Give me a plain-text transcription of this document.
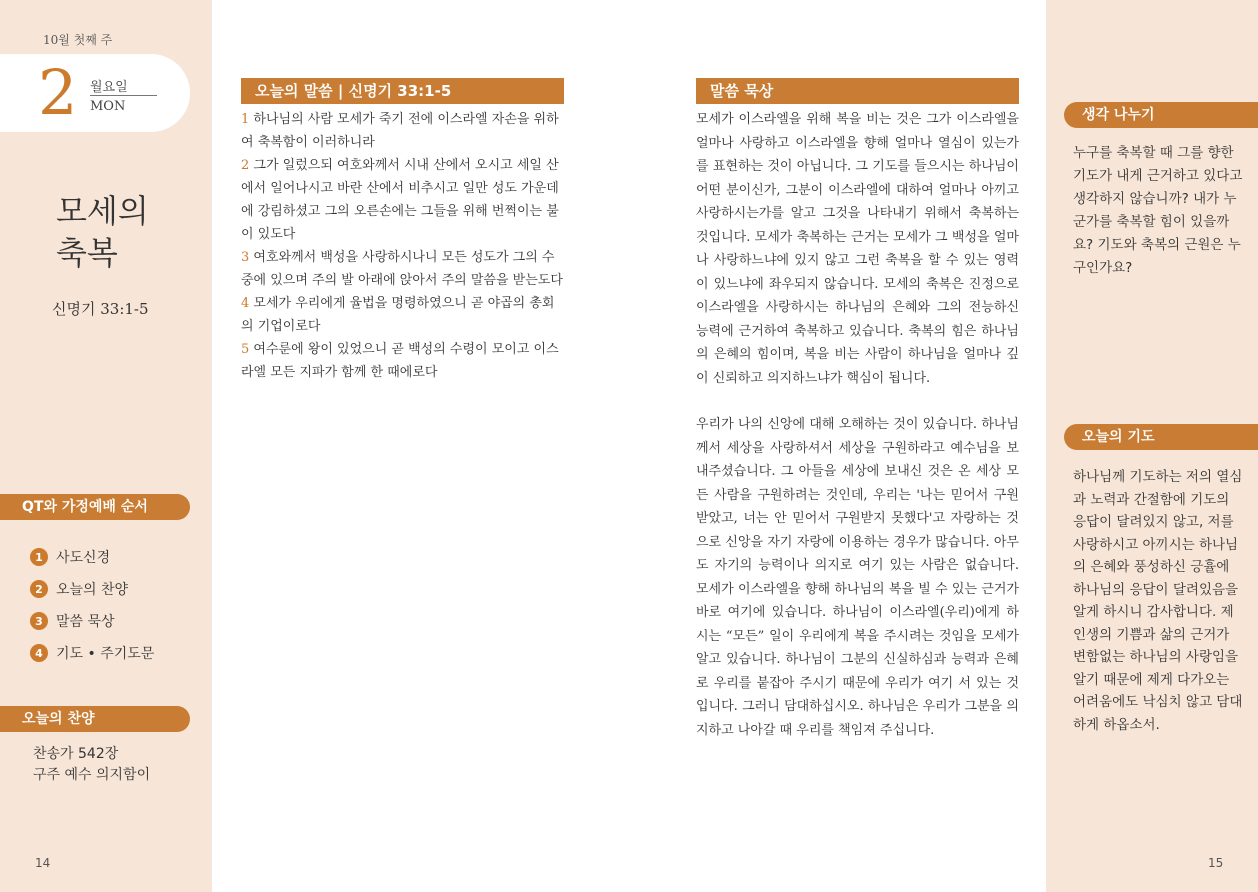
10월 첫째 주
2 월요일
MON
모세의
축복
신명기 33:1-5
QT와 가정예배 순서
1 사도신경
2 오늘의 찬양
3 말씀 묵상
4 기도 • 주기도문
오늘의 찬양
찬송가 542장
구주 예수 의지함이
14
오늘의 말씀 | 신명기 33:1-5
1 하나님의 사람 모세가 죽기 전에 이스라엘 자손을 위하여 축복함이 이러하니라
2 그가 일렀으되 여호와께서 시내 산에서 오시고 세일 산에서 일어나시고 바란 산에서 비추시고 일만 성도 가운데에 강림하셨고 그의 오른손에는 그들을 위해 번쩍이는 불이 있도다
3 여호와께서 백성을 사랑하시나니 모든 성도가 그의 수중에 있으며 주의 발 아래에 앉아서 주의 말씀을 받는도다
4 모세가 우리에게 율법을 명령하였으니 곧 야곱의 총회의 기업이로다
5 여수룬에 왕이 있었으니 곧 백성의 수령이 모이고 이스라엘 모든 지파가 함께 한 때에로다
말씀 묵상

모세가 이스라엘을 위해 복을 비는 것은 그가 이스라엘을 얼마나 사랑하고 이스라엘을 향해 얼마나 열심이 있는가를 표현하는 것이 아닙니다. 그 기도를 들으시는 하나님이 어떤 분이신가, 그분이 이스라엘에 대하여 얼마나 아끼고 사랑하시는가를 알고 그것을 나타내기 위해서 축복하는 것입니다. 모세가 축복하는 근거는 모세가 그 백성을 얼마나 사랑하느냐에 있지 않고 그런 축복을 할 수 있는 영력이 있느냐에 좌우되지 않습니다. 모세의 축복은 진정으로 이스라엘을 사랑하시는 하나님의 은혜와 그의 전능하신 능력에 근거하여 축복하고 있습니다. 축복의 힘은 하나님의 은혜의 힘이며, 복을 비는 사람이 하나님을 얼마나 깊이 신뢰하고 의지하느냐가 핵심이 됩니다.

우리가 나의 신앙에 대해 오해하는 것이 있습니다. 하나님께서 세상을 사랑하셔서 세상을 구원하라고 예수님을 보내주셨습니다. 그 아들을 세상에 보내신 것은 온 세상 모든 사람을 구원하려는 것인데, 우리는 '나는 믿어서 구원 받았고, 너는 안 믿어서 구원받지 못했다'고 자랑하는 것으로 신앙을 자기 자랑에 이용하는 경우가 많습니다. 아무도 자기의 능력이나 의지로 여기 있는 사람은 없습니다. 모세가 이스라엘을 향해 하나님의 복을 빌 수 있는 근거가 바로 여기에 있습니다. 하나님이 이스라엘(우리)에게 하시는 “모든” 일이 우리에게 복을 주시려는 것임을 모세가 알고 있습니다. 하나님이 그분의 신실하심과 능력과 은혜로 우리를 붙잡아 주시기 때문에 우리가 여기 서 있는 것입니다. 그러니 담대하십시오. 하나님은 우리가 그분을 의지하고 나아갈 때 우리를 책임져 주십니다.

생각 나누기
누구를 축복할 때 그를 향한 기도가 내게 근거하고 있다고 생각하지 않습니까? 내가 누군가를 축복할 힘이 있을까요? 기도와 축복의 근원은 누구인가요?
오늘의 기도
하나님께 기도하는 저의 열심과 노력과 간절함에 기도의 응답이 달려있지 않고, 저를 사랑하시고 아끼시는 하나님의 은혜와 풍성하신 긍휼에 하나님의 응답이 달려있음을 알게 하시니 감사합니다. 제 인생의 기쁨과 삶의 근거가 변함없는 하나님의 사랑임을 알기 때문에 제게 다가오는 어려움에도 낙심치 않고 담대하게 하옵소서.
15
